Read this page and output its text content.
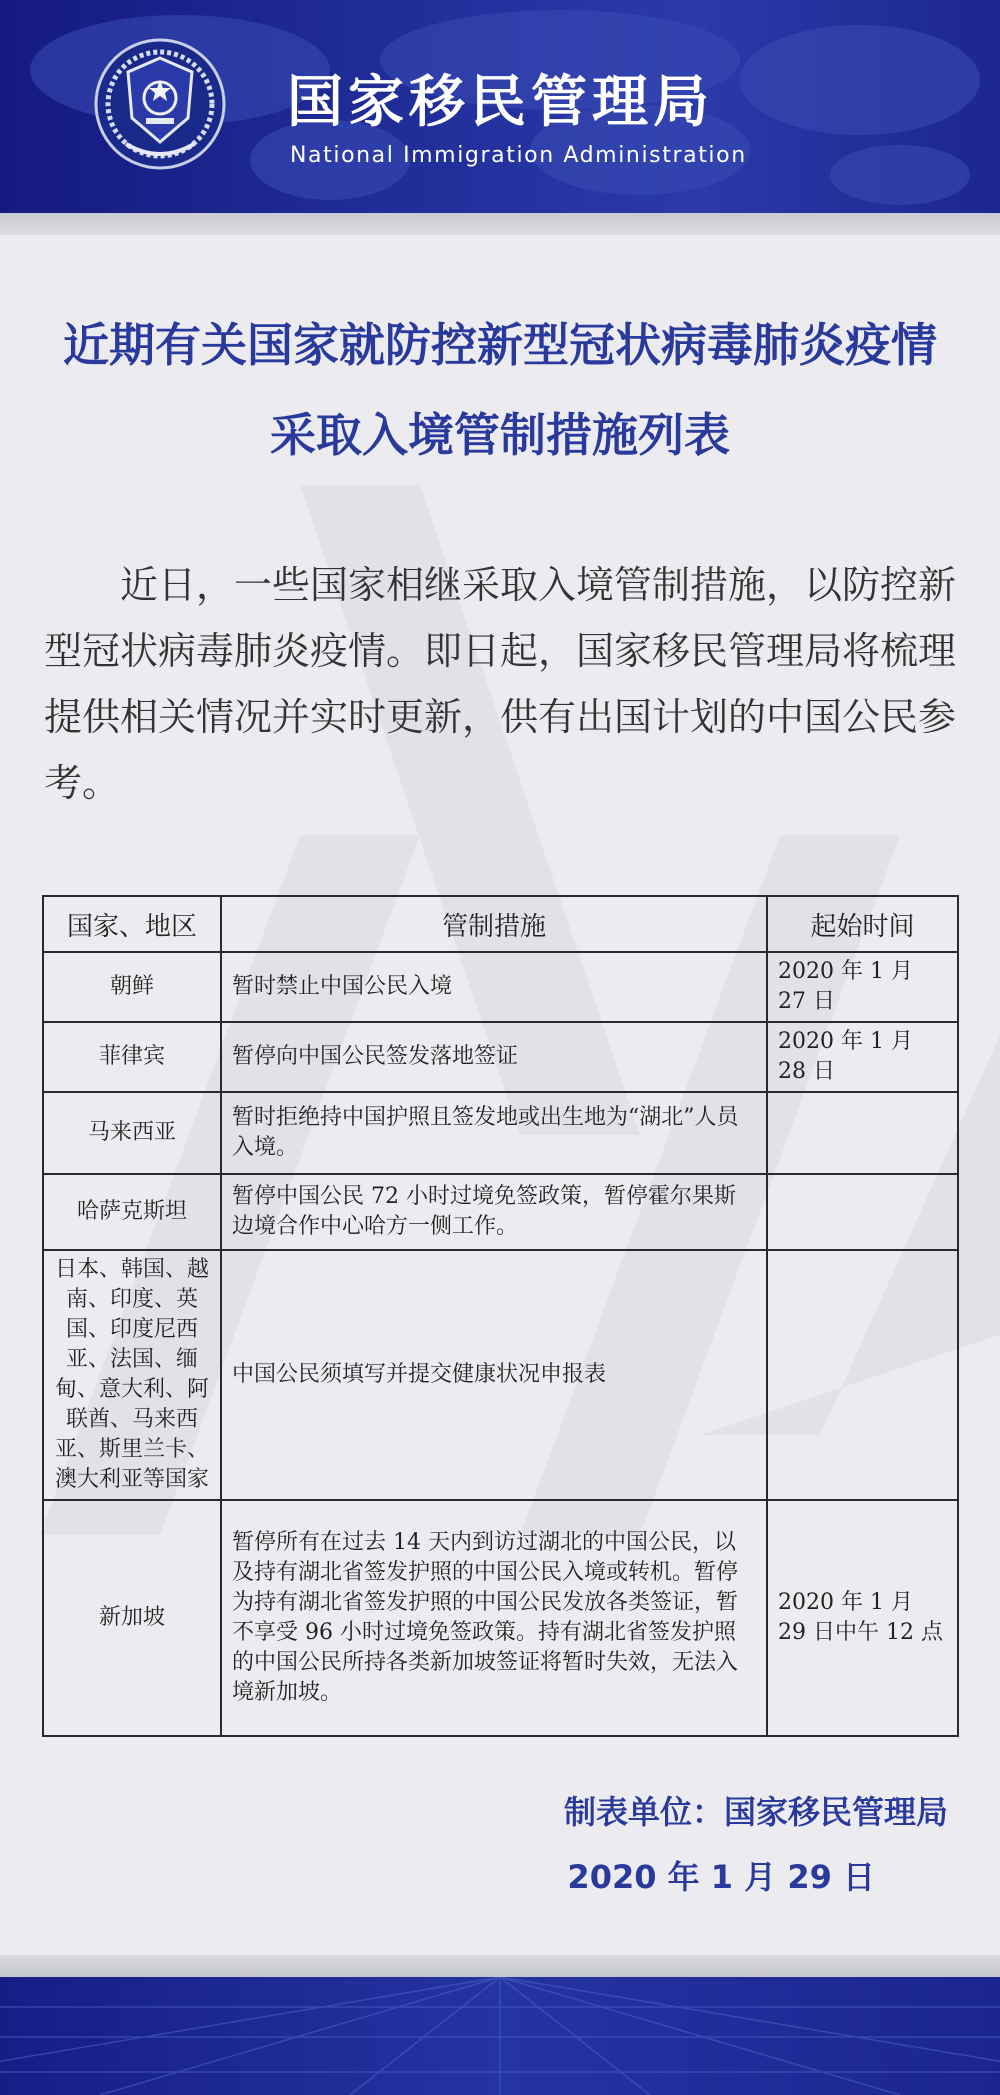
国家移民管理局
National Immigration Administration
近期有关国家就防控新型冠状病毒肺炎疫情
采取入境管制措施列表
近日，一些国家相继采取入境管制措施，以防控新型冠状病毒肺炎疫情。即日起，国家移民管理局将梳理提供相关情况并实时更新，供有出国计划的中国公民参考。
国家、地区	管制措施	起始时间
朝鲜	暂时禁止中国公民入境	2020 年 1 月 27 日
菲律宾	暂停向中国公民签发落地签证	2020 年 1 月 28 日
马来西亚	暂时拒绝持中国护照且签发地或出生地为“湖北”人员入境。	
哈萨克斯坦	暂停中国公民 72 小时过境免签政策，暂停霍尔果斯边境合作中心哈方一侧工作。	
日本、韩国、越南、印度、英国、印度尼西亚、法国、缅甸、意大利、阿联酋、马来西亚、斯里兰卡、澳大利亚等国家	中国公民须填写并提交健康状况申报表	
新加坡	暂停所有在过去 14 天内到访过湖北的中国公民，以及持有湖北省签发护照的中国公民入境或转机。暂停为持有湖北省签发护照的中国公民发放各类签证，暂不享受 96 小时过境免签政策。持有湖北省签发护照的中国公民所持各类新加坡签证将暂时失效，无法入境新加坡。	2020 年 1 月 29 日中午 12 点
制表单位：国家移民管理局
2020 年 1 月 29 日
